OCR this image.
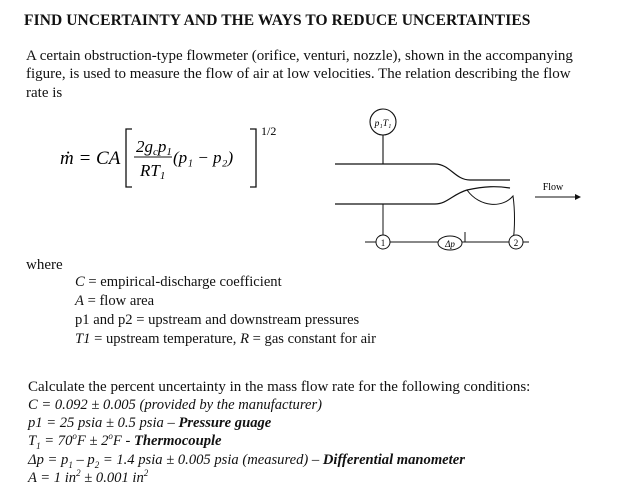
FIND UNCERTAINTY AND THE WAYS TO REDUCE UNCERTAINTIES
A certain obstruction-type flowmeter (orifice, venturi, nozzle), shown in the accompanying
figure, is used to measure the flow of air at low velocities. The relation describing the flow
rate is
ṁ = CA
2gcp1
RT1
(p₁ − p₂)
1/2	p₁T₁
Flow
1	Δp	2
where
C = empirical-discharge coefficient
A = flow area
p1 and p2 = upstream and downstream pressures
T1 = upstream temperature, R = gas constant for air
Calculate the percent uncertainty in the mass flow rate for the following conditions:
C = 0.092 ± 0.005 (provided by the manufacturer)
p1 = 25 psia ± 0.5 psia – Pressure guage
$T_1 = 70^oF \pm 2^oF$ - Thermocouple
$\Delta p = p_1 - p_2 = 1.4$ psia ± 0.005 psia (measured) – Differential manometer
A = 1 $in^2 \pm 0.001$ $in^2$
